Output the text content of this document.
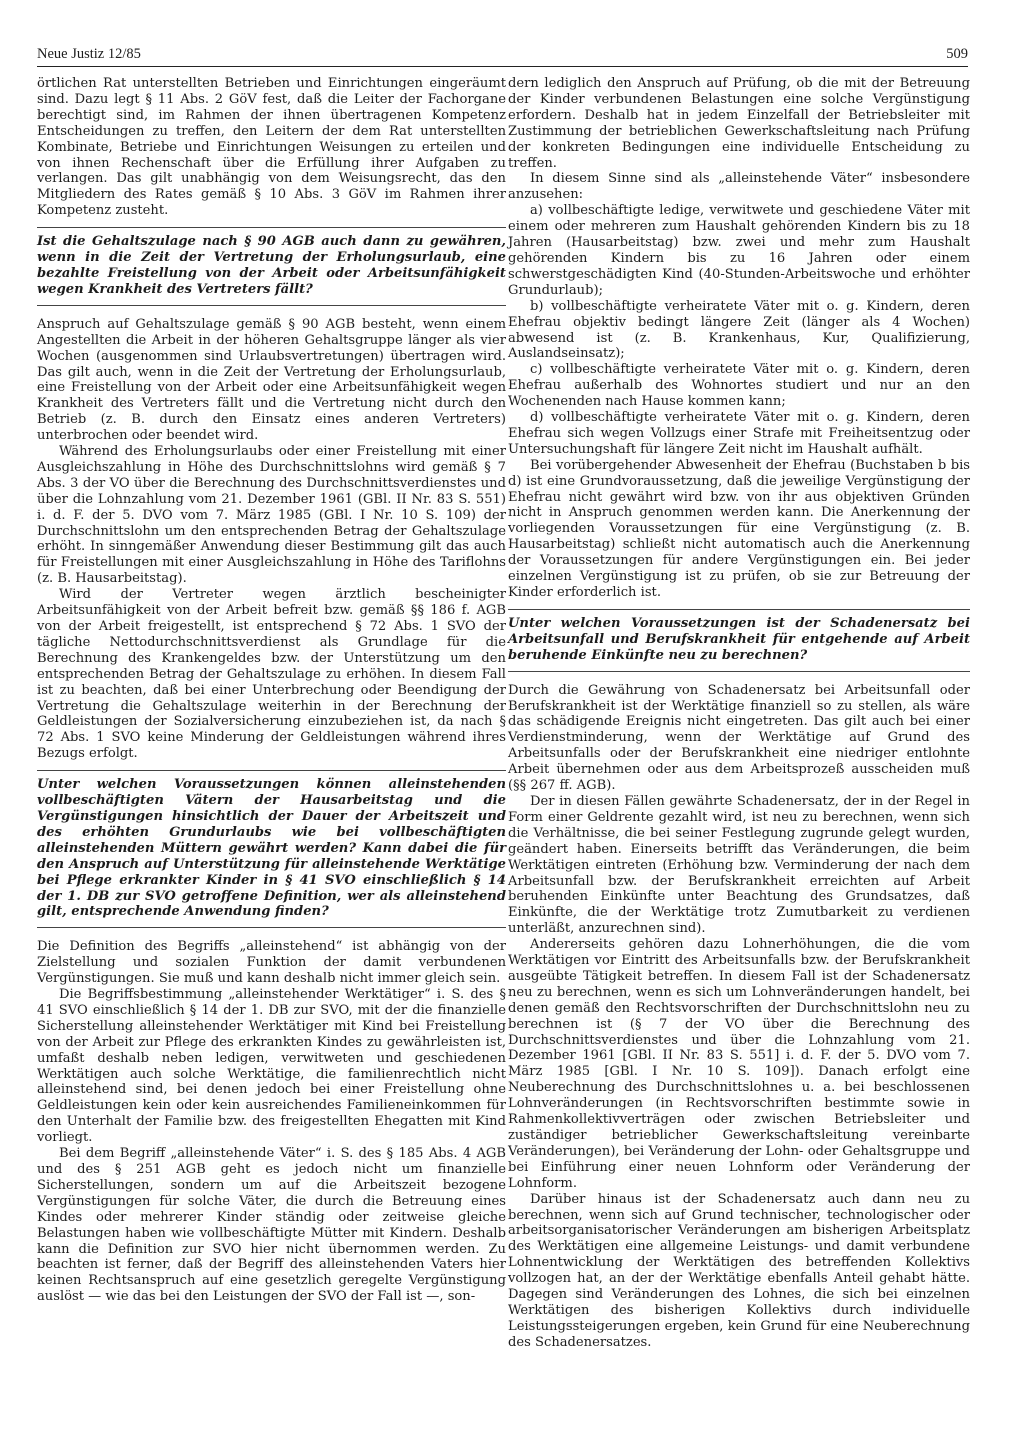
Neue Justiz 12/85	509

örtlichen Rat unterstellten Betrieben und Einrichtungen eingeräumt sind. Dazu legt § 11 Abs. 2 GöV fest, daß die Leiter der Fachorgane berechtigt sind, im Rahmen der ihnen übertragenen Kompetenz Entscheidungen zu treffen, den Leitern der dem Rat unterstellten Kombinate, Betriebe und Einrichtungen Weisungen zu erteilen und von ihnen Rechenschaft über die Erfüllung ihrer Aufgaben zu verlangen. Das gilt unabhängig von dem Weisungsrecht, das den Mitgliedern des Rates gemäß § 10 Abs. 3 GöV im Rahmen ihrer Kompetenz zusteht.

Ist die Gehaltszulage nach § 90 AGB auch dann zu gewähren, wenn in die Zeit der Vertretung der Erholungsurlaub, eine bezahlte Freistellung von der Arbeit oder Arbeitsunfähigkeit wegen Krankheit des Vertreters fällt?

Anspruch auf Gehaltszulage gemäß § 90 AGB besteht, wenn einem Angestellten die Arbeit in der höheren Gehaltsgruppe länger als vier Wochen (ausgenommen sind Urlaubsvertretungen) übertragen wird. Das gilt auch, wenn in die Zeit der Vertretung der Erholungsurlaub, eine Freistellung von der Arbeit oder eine Arbeitsunfähigkeit wegen Krankheit des Vertreters fällt und die Vertretung nicht durch den Betrieb (z. B. durch den Einsatz eines anderen Vertreters) unterbrochen oder beendet wird.

Während des Erholungsurlaubs oder einer Freistellung mit einer Ausgleichszahlung in Höhe des Durchschnittslohns wird gemäß § 7 Abs. 3 der VO über die Berechnung des Durchschnittsverdienstes und über die Lohnzahlung vom 21. Dezember 1961 (GBl. II Nr. 83 S. 551) i. d. F. der 5. DVO vom 7. März 1985 (GBl. I Nr. 10 S. 109) der Durchschnittslohn um den entsprechenden Betrag der Gehaltszulage erhöht. In sinngemäßer Anwendung dieser Bestimmung gilt das auch für Freistellungen mit einer Ausgleichszahlung in Höhe des Tariflohns (z. B. Hausarbeitstag).

Wird der Vertreter wegen ärztlich bescheinigter Arbeitsunfähigkeit von der Arbeit befreit bzw. gemäß §§ 186 f. AGB von der Arbeit freigestellt, ist entsprechend § 72 Abs. 1 SVO der tägliche Nettodurchschnittsverdienst als Grundlage für die Berechnung des Krankengeldes bzw. der Unterstützung um den entsprechenden Betrag der Gehaltszulage zu erhöhen. In diesem Fall ist zu beachten, daß bei einer Unterbrechung oder Beendigung der Vertretung die Gehaltszulage weiterhin in der Berechnung der Geldleistungen der Sozialversicherung einzubeziehen ist, da nach § 72 Abs. 1 SVO keine Minderung der Geldleistungen während ihres Bezugs erfolgt.

Unter welchen Voraussetzungen können alleinstehenden vollbeschäftigten Vätern der Hausarbeitstag und die Vergünstigungen hinsichtlich der Dauer der Arbeitszeit und des erhöhten Grundurlaubs wie bei vollbeschäftigten alleinstehenden Müttern gewährt werden? Kann dabei die für den Anspruch auf Unterstützung für alleinstehende Werktätige bei Pflege erkrankter Kinder in § 41 SVO einschließlich § 14 der 1. DB zur SVO getroffene Definition, wer als alleinstehend gilt, entsprechende Anwendung finden?

Die Definition des Begriffs „alleinstehend“ ist abhängig von der Zielstellung und sozialen Funktion der damit verbundenen Vergünstigungen. Sie muß und kann deshalb nicht immer gleich sein.

Die Begriffsbestimmung „alleinstehender Werktätiger“ i. S. des § 41 SVO einschließlich § 14 der 1. DB zur SVO, mit der die finanzielle Sicherstellung alleinstehender Werktätiger mit Kind bei Freistellung von der Arbeit zur Pflege des erkrankten Kindes zu gewährleisten ist, umfaßt deshalb neben ledigen, verwitweten und geschiedenen Werktätigen auch solche Werktätige, die familienrechtlich nicht alleinstehend sind, bei denen jedoch bei einer Freistellung ohne Geldleistungen kein oder kein ausreichendes Familieneinkommen für den Unterhalt der Familie bzw. des freigestellten Ehegatten mit Kind vorliegt.

Bei dem Begriff „alleinstehende Väter“ i. S. des § 185 Abs. 4 AGB und des § 251 AGB geht es jedoch nicht um finanzielle Sicherstellungen, sondern um auf die Arbeitszeit bezogene Vergünstigungen für solche Väter, die durch die Betreuung eines Kindes oder mehrerer Kinder ständig oder zeitweise gleiche Belastungen haben wie vollbeschäftigte Mütter mit Kindern. Deshalb kann die Definition zur SVO hier nicht übernommen werden. Zu beachten ist ferner, daß der Begriff des alleinstehenden Vaters hier keinen Rechtsanspruch auf eine gesetzlich geregelte Vergünstigung auslöst — wie das bei den Leistungen der SVO der Fall ist —, son-

dern lediglich den Anspruch auf Prüfung, ob die mit der Betreuung der Kinder verbundenen Belastungen eine solche Vergünstigung erfordern. Deshalb hat in jedem Einzelfall der Betriebsleiter mit Zustimmung der betrieblichen Gewerkschaftsleitung nach Prüfung der konkreten Bedingungen eine individuelle Entscheidung zu treffen.

In diesem Sinne sind als „alleinstehende Väter“ insbesondere anzusehen:

a) vollbeschäftigte ledige, verwitwete und geschiedene Väter mit einem oder mehreren zum Haushalt gehörenden Kindern bis zu 18 Jahren (Hausarbeitstag) bzw. zwei und mehr zum Haushalt gehörenden Kindern bis zu 16 Jahren oder einem schwerstgeschädigten Kind (40-Stunden-Arbeitswoche und erhöhter Grundurlaub);

b) vollbeschäftigte verheiratete Väter mit o. g. Kindern, deren Ehefrau objektiv bedingt längere Zeit (länger als 4 Wochen) abwesend ist (z. B. Krankenhaus, Kur, Qualifizierung, Auslandseinsatz);

c) vollbeschäftigte verheiratete Väter mit o. g. Kindern, deren Ehefrau außerhalb des Wohnortes studiert und nur an den Wochenenden nach Hause kommen kann;

d) vollbeschäftigte verheiratete Väter mit o. g. Kindern, deren Ehefrau sich wegen Vollzugs einer Strafe mit Freiheitsentzug oder Untersuchungshaft für längere Zeit nicht im Haushalt aufhält.

Bei vorübergehender Abwesenheit der Ehefrau (Buchstaben b bis d) ist eine Grundvoraussetzung, daß die jeweilige Vergünstigung der Ehefrau nicht gewährt wird bzw. von ihr aus objektiven Gründen nicht in Anspruch genommen werden kann. Die Anerkennung der vorliegenden Voraussetzungen für eine Vergünstigung (z. B. Hausarbeitstag) schließt nicht automatisch auch die Anerkennung der Voraussetzungen für andere Vergünstigungen ein. Bei jeder einzelnen Vergünstigung ist zu prüfen, ob sie zur Betreuung der Kinder erforderlich ist.

Unter welchen Voraussetzungen ist der Schadenersatz bei Arbeitsunfall und Berufskrankheit für entgehende auf Arbeit beruhende Einkünfte neu zu berechnen?

Durch die Gewährung von Schadenersatz bei Arbeitsunfall oder Berufskrankheit ist der Werktätige finanziell so zu stellen, als wäre das schädigende Ereignis nicht eingetreten. Das gilt auch bei einer Verdienstminderung, wenn der Werktätige auf Grund des Arbeitsunfalls oder der Berufskrankheit eine niedriger entlohnte Arbeit übernehmen oder aus dem Arbeitsprozeß ausscheiden muß (§§ 267 ff. AGB).

Der in diesen Fällen gewährte Schadenersatz, der in der Regel in Form einer Geldrente gezahlt wird, ist neu zu berechnen, wenn sich die Verhältnisse, die bei seiner Festlegung zugrunde gelegt wurden, geändert haben. Einerseits betrifft das Veränderungen, die beim Werktätigen eintreten (Erhöhung bzw. Verminderung der nach dem Arbeitsunfall bzw. der Berufskrankheit erreichten auf Arbeit beruhenden Einkünfte unter Beachtung des Grundsatzes, daß Einkünfte, die der Werktätige trotz Zumutbarkeit zu verdienen unterläßt, anzurechnen sind).

Andererseits gehören dazu Lohnerhöhungen, die die vom Werktätigen vor Eintritt des Arbeitsunfalls bzw. der Berufskrankheit ausgeübte Tätigkeit betreffen. In diesem Fall ist der Schadenersatz neu zu berechnen, wenn es sich um Lohnveränderungen handelt, bei denen gemäß den Rechtsvorschriften der Durchschnittslohn neu zu berechnen ist (§ 7 der VO über die Berechnung des Durchschnittsverdienstes und über die Lohnzahlung vom 21. Dezember 1961 [GBl. II Nr. 83 S. 551] i. d. F. der 5. DVO vom 7. März 1985 [GBl. I Nr. 10 S. 109]). Danach erfolgt eine Neuberechnung des Durchschnittslohnes u. a. bei beschlossenen Lohnveränderungen (in Rechtsvorschriften bestimmte sowie in Rahmenkollektivverträgen oder zwischen Betriebsleiter und zuständiger betrieblicher Gewerkschaftsleitung vereinbarte Veränderungen), bei Veränderung der Lohn- oder Gehaltsgruppe und bei Einführung einer neuen Lohnform oder Veränderung der Lohnform.

Darüber hinaus ist der Schadenersatz auch dann neu zu berechnen, wenn sich auf Grund technischer, technologischer oder arbeitsorganisatorischer Veränderungen am bisherigen Arbeitsplatz des Werktätigen eine allgemeine Leistungs- und damit verbundene Lohnentwicklung der Werktätigen des betreffenden Kollektivs vollzogen hat, an der der Werktätige ebenfalls Anteil gehabt hätte. Dagegen sind Veränderungen des Lohnes, die sich bei einzelnen Werktätigen des bisherigen Kollektivs durch individuelle Leistungssteigerungen ergeben, kein Grund für eine Neuberechnung des Schadenersatzes.
